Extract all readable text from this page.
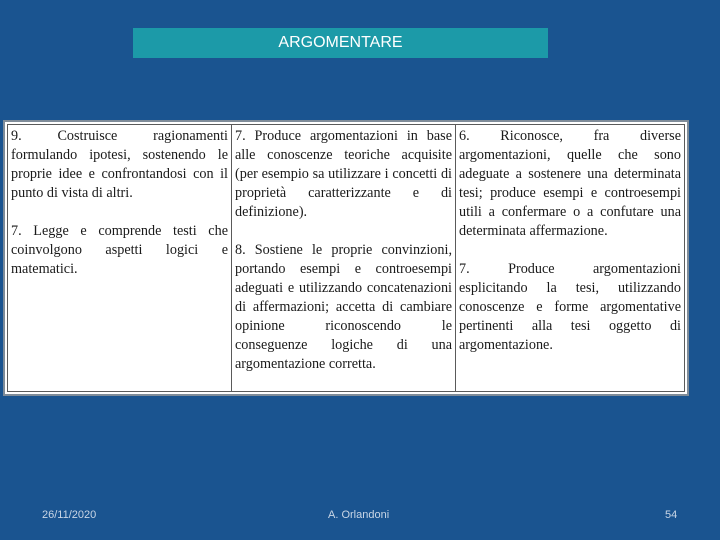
ARGOMENTARE

9. Costruisce ragionamenti formulando ipotesi, sostenendo le proprie idee e confrontandosi con il punto di vista di altri.

7. Legge e comprende testi che coinvolgono aspetti logici e matematici.

7. Produce argomentazioni in base alle conoscenze teoriche acquisite (per esempio sa utilizzare i concetti di proprietà caratterizzante e di definizione).

8. Sostiene le proprie convinzioni, portando esempi e controesempi adeguati e utilizzando concatenazioni di affermazioni; accetta di cambiare opinione riconoscendo le conseguenze logiche di una argomentazione corretta.

6. Riconosce, fra diverse argomentazioni, quelle che sono adeguate a sostenere una determinata tesi; produce esempi e controesempi utili a confermare o a confutare una determinata affermazione.

7. Produce argomentazioni esplicitando la tesi, utilizzando conoscenze e forme argomentative pertinenti alla tesi oggetto di argomentazione.

26/11/2020	A. Orlandoni	54
